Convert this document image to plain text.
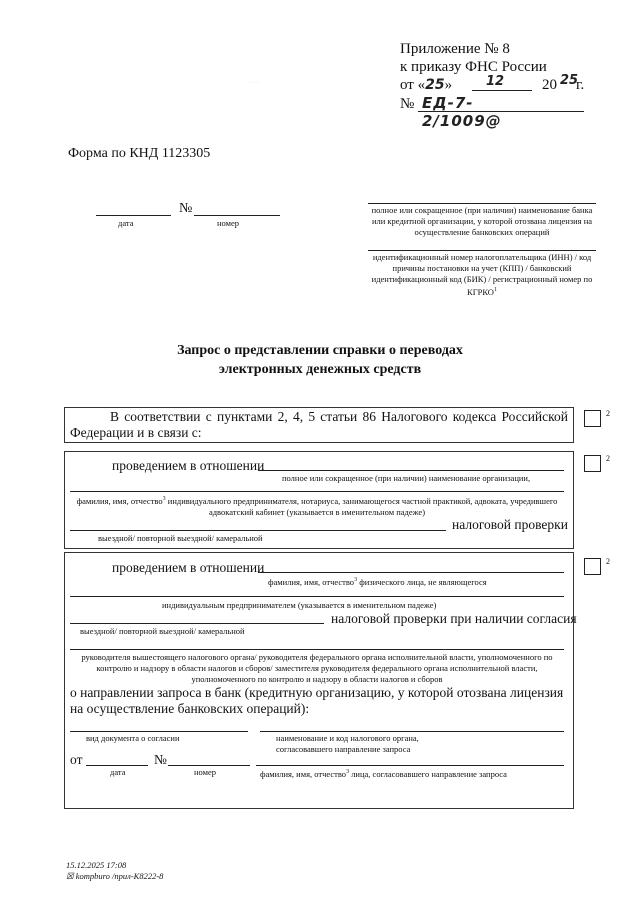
Приложение № 8
к приказу ФНС России
от «25»	12	20 25
г.
№ ЕД-7-2/1009@
· · ·
Форма по КНД 1123305
№
дата	номер
полное или сокращенное (при наличии) наименование банка или кредитной организации, у которой отозвана лицензия на осуществление банковских операций
идентификационный номер налогоплательщика (ИНН) / код причины постановки на учет (КПП) / банковский идентификационный код (БИК) / регистрационный номер по КГРКО$^1$
Запрос о представлении справки о переводах
электронных денежных средств
В соответствии с пунктами 2, 4, 5 статьи 86 Налогового кодекса Российской Федерации и в связи с:
2
проведением в отношении
полное или сокращенное (при наличии) наименование организации,
фамилия, имя, отчество$^3$ индивидуального предпринимателя, нотариуса, занимающегося частной практикой, адвоката, учредившего адвокатский кабинет (указывается в именительном падеже)
налоговой проверки
выездной/ повторной выездной/ камеральной
2
проведением в отношении
фамилия, имя, отчество$^3$ физического лица, не являющегося
индивидуальным предпринимателем (указывается в именительном падеже)
налоговой проверки при наличии согласия
выездной/ повторной выездной/ камеральной
руководителя вышестоящего налогового органа/ руководителя федерального органа исполнительной власти, уполномоченного по контролю и надзору в области налогов и сборов/ заместителя руководителя федерального органа исполнительной власти, уполномоченного по контролю и надзору в области налогов и сборов
о направлении запроса в банк (кредитную организацию, у которой отозвана лицензия на осуществление банковских операций):
вид документа о согласии	наименование и код налогового органа, согласовавшего направление запроса
от	№
дата	номер	фамилия, имя, отчество$^3$ лица, согласовавшего направление запроса
2
15.12.2025 17:08
☒ kompburo /прил-К8222-8
